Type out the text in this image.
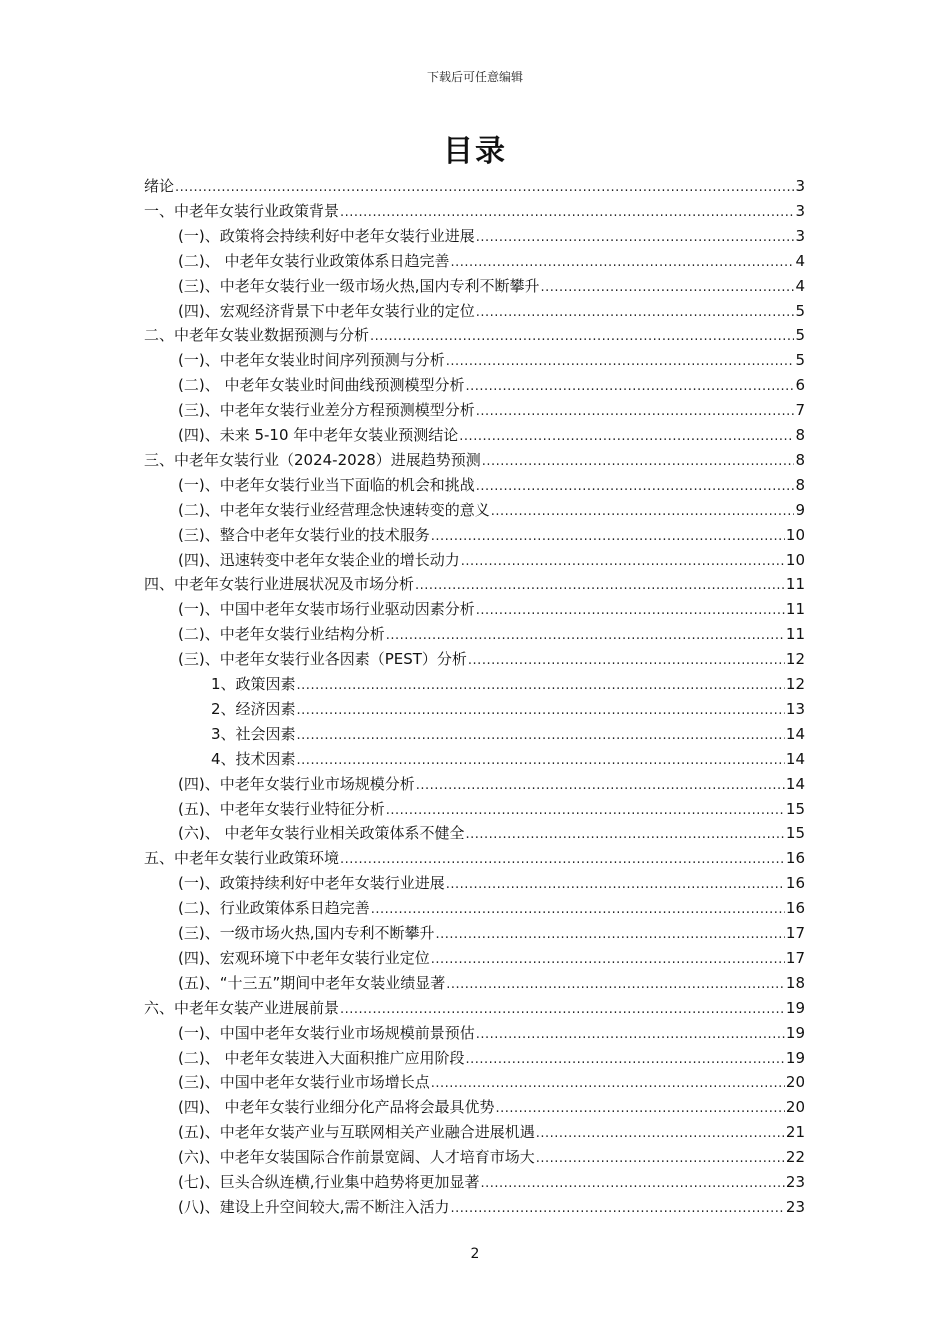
下载后可任意编辑
目录
绪论 .....	3
一、中老年女装行业政策背景 .....	3
(一)、政策将会持续利好中老年女装行业进展 .....	3
(二)、 中老年女装行业政策体系日趋完善 .....	4
(三)、中老年女装行业一级市场火热,国内专利不断攀升 .....	4
(四)、宏观经济背景下中老年女装行业的定位 .....	5
二、中老年女装业数据预测与分析 .....	5
(一)、中老年女装业时间序列预测与分析 .....	5
(二)、 中老年女装业时间曲线预测模型分析 .....	6
(三)、中老年女装行业差分方程预测模型分析 .....	7
(四)、未来 5-10 年中老年女装业预测结论 .....	8
三、中老年女装行业（2024-2028）进展趋势预测 .....	8
(一)、中老年女装行业当下面临的机会和挑战 .....	8
(二)、中老年女装行业经营理念快速转变的意义 .....	9
(三)、整合中老年女装行业的技术服务 .....	10
(四)、迅速转变中老年女装企业的增长动力 .....	10
四、中老年女装行业进展状况及市场分析 .....	11
(一)、中国中老年女装市场行业驱动因素分析 .....	11
(二)、中老年女装行业结构分析 .....	11
(三)、中老年女装行业各因素（PEST）分析 .....	12
1、政策因素 .....	12
2、经济因素 .....	13
3、社会因素 .....	14
4、技术因素 .....	14
(四)、中老年女装行业市场规模分析 .....	14
(五)、中老年女装行业特征分析 .....	15
(六)、 中老年女装行业相关政策体系不健全 .....	15
五、中老年女装行业政策环境 .....	16
(一)、政策持续利好中老年女装行业进展 .....	16
(二)、行业政策体系日趋完善 .....	16
(三)、一级市场火热,国内专利不断攀升 .....	17
(四)、宏观环境下中老年女装行业定位 .....	17
(五)、“十三五”期间中老年女装业绩显著 .....	18
六、中老年女装产业进展前景 .....	19
(一)、中国中老年女装行业市场规模前景预估 .....	19
(二)、 中老年女装进入大面积推广应用阶段 .....	19
(三)、中国中老年女装行业市场增长点 .....	20
(四)、 中老年女装行业细分化产品将会最具优势 .....	20
(五)、中老年女装产业与互联网相关产业融合进展机遇 .....	21
(六)、中老年女装国际合作前景宽阔、人才培育市场大 .....	22
(七)、巨头合纵连横,行业集中趋势将更加显著 .....	23
(八)、建设上升空间较大,需不断注入活力 .....	23
2
